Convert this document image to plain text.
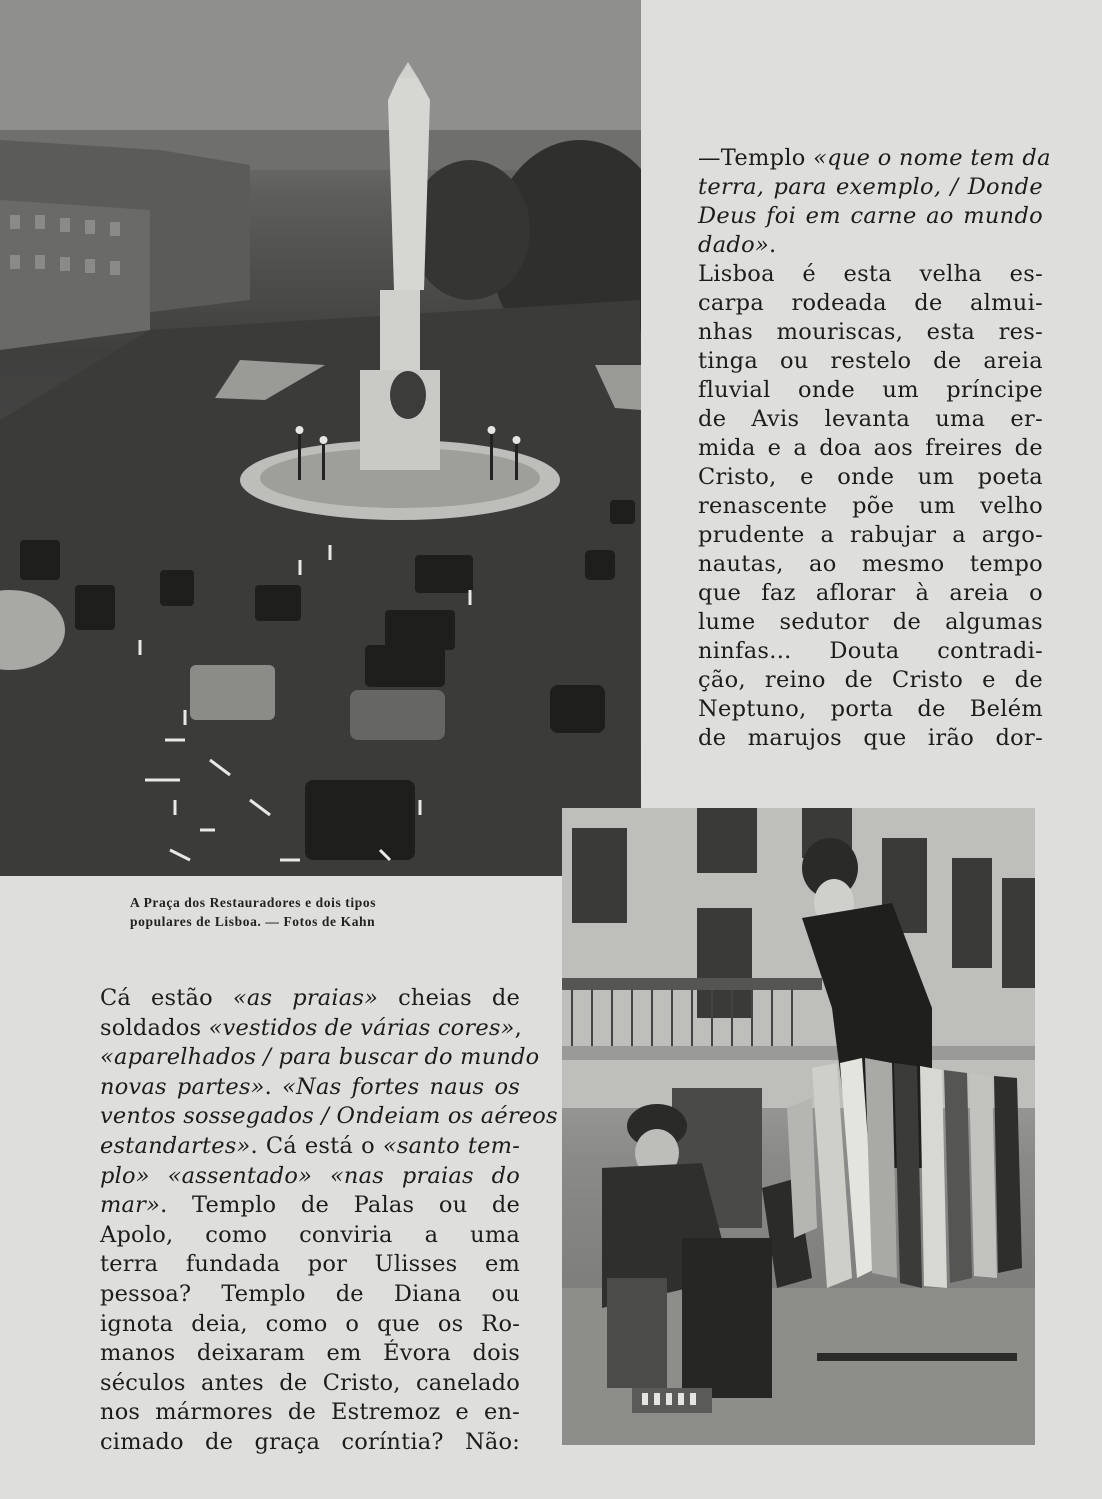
A Praça dos Restauradores e dois tipos
populares de Lisboa. — Fotos de Kahn
—Templo «que o nome tem da
terra, para exemplo, / Donde
Deus foi em carne ao mundo
dado».
Lisboa é esta velha es-
carpa rodeada de almui-
nhas mouriscas, esta res-
tinga ou restelo de areia
fluvial onde um príncipe
de Avis levanta uma er-
mida e a doa aos freires de
Cristo, e onde um poeta
renascente põe um velho
prudente a rabujar a argo-
nautas, ao mesmo tempo
que faz aflorar à areia o
lume sedutor de algumas
ninfas... Douta contradi-
ção, reino de Cristo e de
Neptuno, porta de Belém
de marujos que irão dor-
Cá estão «as praias» cheias de
soldados «vestidos de várias cores»,
«aparelhados / para buscar do mundo
novas partes». «Nas fortes naus os
ventos sossegados / Ondeiam os aéreos
estandartes». Cá está o «santo tem-
plo» «assentado» «nas praias do
mar». Templo de Palas ou de
Apolo, como conviria a uma
terra fundada por Ulisses em
pessoa? Templo de Diana ou
ignota deia, como o que os Ro-
manos deixaram em Évora dois
séculos antes de Cristo, canelado
nos mármores de Estremoz e en-
cimado de graça coríntia? Não:
